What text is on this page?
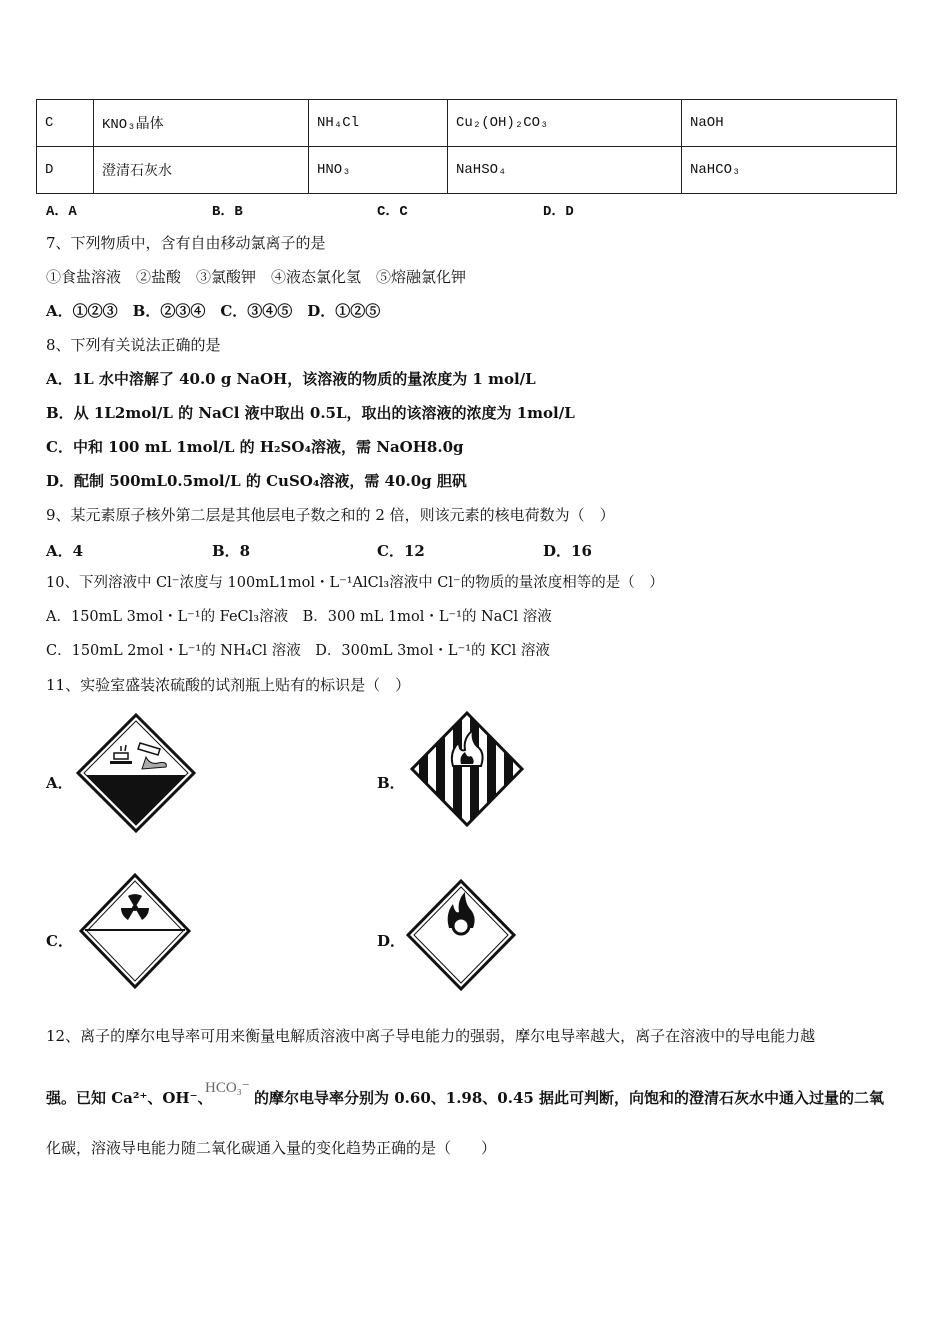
C	KNO₃晶体	NH₄Cl	Cu₂(OH)₂CO₃	NaOH
D	澄清石灰水	HNO₃	NaHSO₄	NaHCO₃
A．A	B．B	C．C	D．D
7、下列物质中，含有自由移动氯离子的是
①食盐溶液　②盐酸　③氯酸钾　④液态氯化氢　⑤熔融氯化钾
A．①②③　B．②③④　C．③④⑤　D．①②⑤
8、下列有关说法正确的是
A．1L 水中溶解了 40.0 g NaOH，该溶液的物质的量浓度为 1 mol/L
B．从 1L2mol/L 的 NaCl 液中取出 0.5L，取出的该溶液的浓度为 1mol/L
C．中和 100 mL 1mol/L 的 H₂SO₄溶液，需 NaOH8.0g
D．配制 500mL0.5mol/L 的 CuSO₄溶液，需 40.0g 胆矾
9、某元素原子核外第二层是其他层电子数之和的 2 倍，则该元素的核电荷数为（　）
A．4	B．8	C．12	D．16
10、下列溶液中 Cl⁻浓度与 100mL1mol・L⁻¹AlCl₃溶液中 Cl⁻的物质的量浓度相等的是（　）
A．150mL 3mol・L⁻¹的 FeCl₃溶液　B．300 mL 1mol・L⁻¹的 NaCl 溶液
C．150mL 2mol・L⁻¹的 NH₄Cl 溶液　D．300mL 3mol・L⁻¹的 KCl 溶液
11、实验室盛装浓硫酸的试剂瓶上贴有的标识是（　）
A．	B．
C．	D．
12、离子的摩尔电导率可用来衡量电解质溶液中离子导电能力的强弱，摩尔电导率越大，离子在溶液中的导电能力越
强。已知 Ca²⁺、OH⁻、
HCO₃⁻
的摩尔电导率分别为 0.60、1.98、0.45 据此可判断，向饱和的澄清石灰水中通入过量的二氧
化碳，溶液导电能力随二氧化碳通入量的变化趋势正确的是（　　）
